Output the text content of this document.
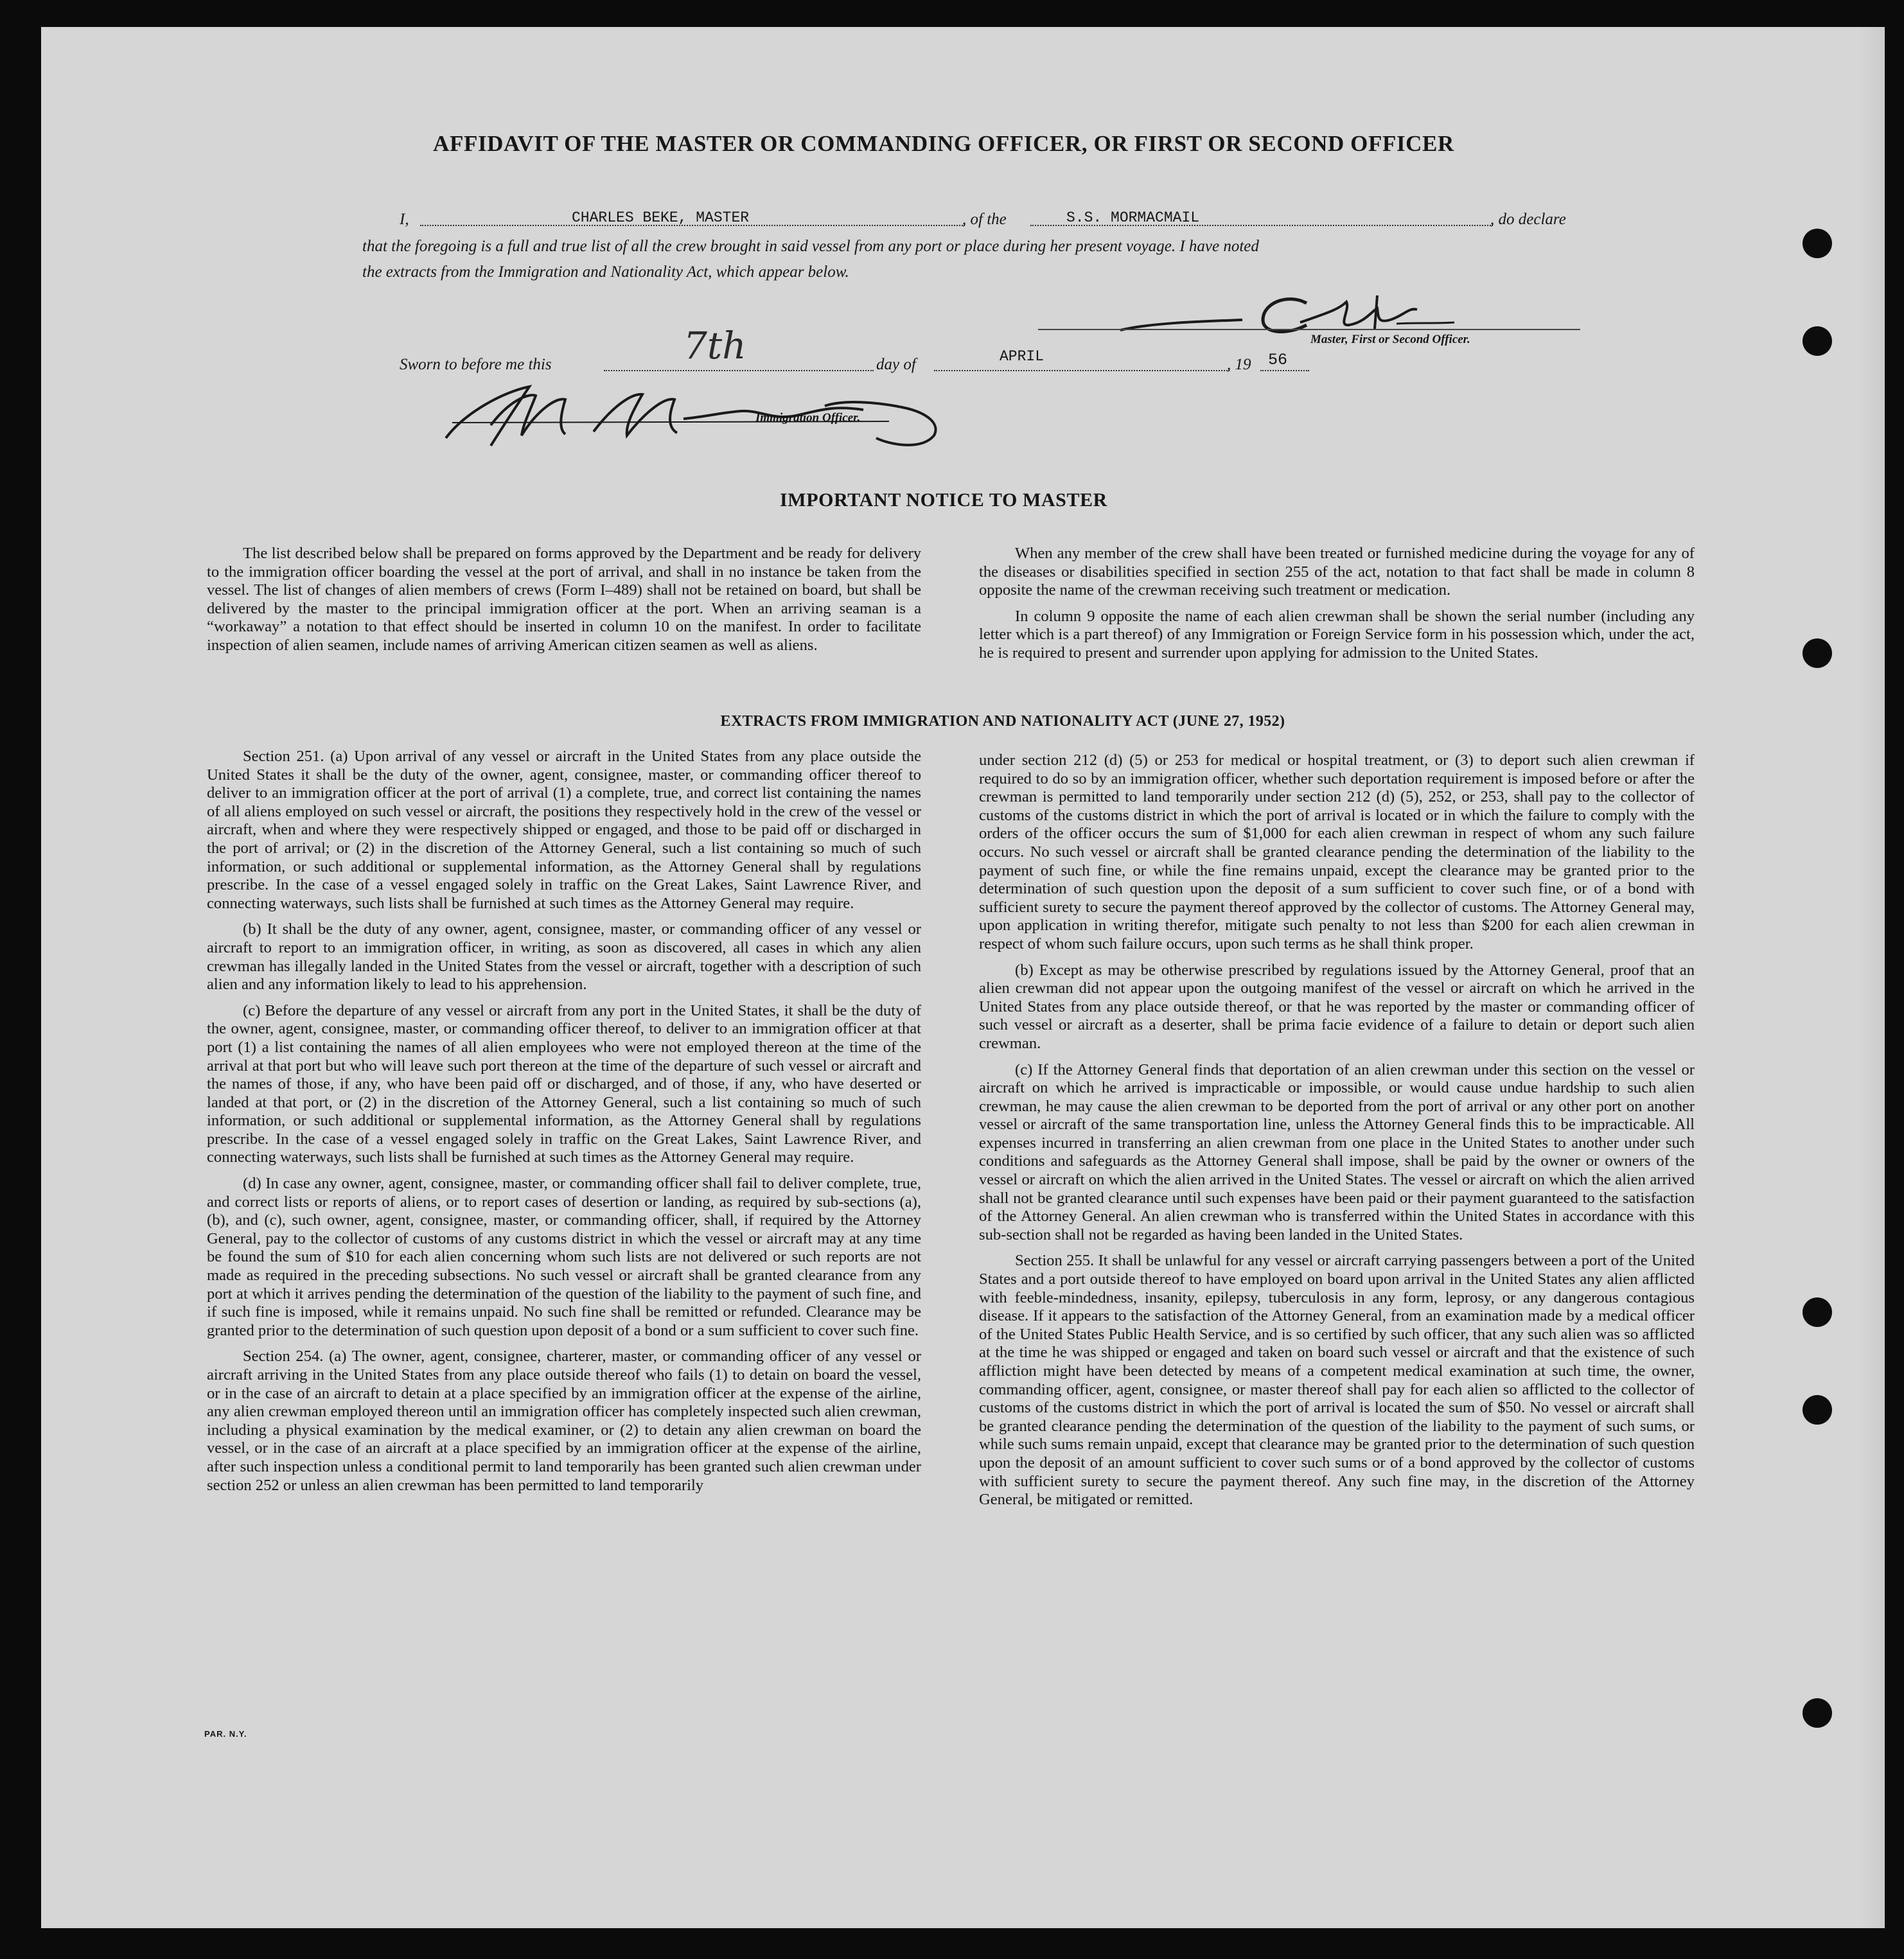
AFFIDAVIT OF THE MASTER OR COMMANDING OFFICER, OR FIRST OR SECOND OFFICER
I,	CHARLES BEKE, MASTER	, of the	S.S. MORMACMAIL	, do declare
that the foregoing is a full and true list of all the crew brought in said vessel from any port or place during her present voyage. I have noted
the extracts from the Immigration and Nationality Act, which appear below.
Master, First or Second Officer.
Sworn to before me this	7th	day of	APRIL	, 19 56
Immigration Officer.
IMPORTANT NOTICE TO MASTER

The list described below shall be prepared on forms approved by the Department and be ready for delivery to the immigration officer boarding the vessel at the port of arrival, and shall in no instance be taken from the vessel. The list of changes of alien members of crews (Form I–489) shall not be retained on board, but shall be delivered by the master to the principal immigration officer at the port. When an arriving seaman is a “workaway” a notation to that effect should be inserted in column 10 on the manifest. In order to facilitate inspection of alien seamen, include names of arriving American citizen seamen as well as aliens.

When any member of the crew shall have been treated or furnished medicine during the voyage for any of the diseases or disabilities specified in section 255 of the act, notation to that fact shall be made in column 8 opposite the name of the crewman receiving such treatment or medication.

In column 9 opposite the name of each alien crewman shall be shown the serial number (including any letter which is a part thereof) of any Immigration or Foreign Service form in his possession which, under the act, he is required to present and surrender upon applying for admission to the United States.

EXTRACTS FROM IMMIGRATION AND NATIONALITY ACT (JUNE 27, 1952)

Section 251. (a) Upon arrival of any vessel or aircraft in the United States from any place outside the United States it shall be the duty of the owner, agent, consignee, master, or commanding officer thereof to deliver to an immigration officer at the port of arrival (1) a complete, true, and correct list containing the names of all aliens employed on such vessel or aircraft, the positions they respectively hold in the crew of the vessel or aircraft, when and where they were respectively shipped or engaged, and those to be paid off or discharged in the port of arrival; or (2) in the discretion of the Attorney General, such a list containing so much of such information, or such additional or supplemental information, as the Attorney General shall by regulations prescribe. In the case of a vessel engaged solely in traffic on the Great Lakes, Saint Lawrence River, and connecting waterways, such lists shall be furnished at such times as the Attorney General may require.

(b) It shall be the duty of any owner, agent, consignee, master, or commanding officer of any vessel or aircraft to report to an immigration officer, in writing, as soon as discovered, all cases in which any alien crewman has illegally landed in the United States from the vessel or aircraft, together with a description of such alien and any information likely to lead to his apprehension.

(c) Before the departure of any vessel or aircraft from any port in the United States, it shall be the duty of the owner, agent, consignee, master, or commanding officer thereof, to deliver to an immigration officer at that port (1) a list containing the names of all alien employees who were not employed thereon at the time of the arrival at that port but who will leave such port thereon at the time of the departure of such vessel or aircraft and the names of those, if any, who have been paid off or discharged, and of those, if any, who have deserted or landed at that port, or (2) in the discretion of the Attorney General, such a list containing so much of such information, or such additional or supplemental information, as the Attorney General shall by regulations prescribe. In the case of a vessel engaged solely in traffic on the Great Lakes, Saint Lawrence River, and connecting waterways, such lists shall be furnished at such times as the Attorney General may require.

(d) In case any owner, agent, consignee, master, or commanding officer shall fail to deliver complete, true, and correct lists or reports of aliens, or to report cases of desertion or landing, as required by sub-sections (a), (b), and (c), such owner, agent, consignee, master, or commanding officer, shall, if required by the Attorney General, pay to the collector of customs of any customs district in which the vessel or aircraft may at any time be found the sum of $10 for each alien concerning whom such lists are not delivered or such reports are not made as required in the preceding subsections. No such vessel or aircraft shall be granted clearance from any port at which it arrives pending the determination of the question of the liability to the payment of such fine, and if such fine is imposed, while it remains unpaid. No such fine shall be remitted or refunded. Clearance may be granted prior to the determination of such question upon deposit of a bond or a sum sufficient to cover such fine.

Section 254. (a) The owner, agent, consignee, charterer, master, or commanding officer of any vessel or aircraft arriving in the United States from any place outside thereof who fails (1) to detain on board the vessel, or in the case of an aircraft to detain at a place specified by an immigration officer at the expense of the airline, any alien crewman employed thereon until an immigration officer has completely inspected such alien crewman, including a physical examination by the medical examiner, or (2) to detain any alien crewman on board the vessel, or in the case of an aircraft at a place specified by an immigration officer at the expense of the airline, after such inspection unless a conditional permit to land temporarily has been granted such alien crewman under section 252 or unless an alien crewman has been permitted to land temporarily

under section 212 (d) (5) or 253 for medical or hospital treatment, or (3) to deport such alien crewman if required to do so by an immigration officer, whether such deportation requirement is imposed before or after the crewman is permitted to land temporarily under section 212 (d) (5), 252, or 253, shall pay to the collector of customs of the customs district in which the port of arrival is located or in which the failure to comply with the orders of the officer occurs the sum of $1,000 for each alien crewman in respect of whom any such failure occurs. No such vessel or aircraft shall be granted clearance pending the determination of the liability to the payment of such fine, or while the fine remains unpaid, except the clearance may be granted prior to the determination of such question upon the deposit of a sum sufficient to cover such fine, or of a bond with sufficient surety to secure the payment thereof approved by the collector of customs. The Attorney General may, upon application in writing therefor, mitigate such penalty to not less than $200 for each alien crewman in respect of whom such failure occurs, upon such terms as he shall think proper.

(b) Except as may be otherwise prescribed by regulations issued by the Attorney General, proof that an alien crewman did not appear upon the outgoing manifest of the vessel or aircraft on which he arrived in the United States from any place outside thereof, or that he was reported by the master or commanding officer of such vessel or aircraft as a deserter, shall be prima facie evidence of a failure to detain or deport such alien crewman.

(c) If the Attorney General finds that deportation of an alien crewman under this section on the vessel or aircraft on which he arrived is impracticable or impossible, or would cause undue hardship to such alien crewman, he may cause the alien crewman to be deported from the port of arrival or any other port on another vessel or aircraft of the same transportation line, unless the Attorney General finds this to be impracticable. All expenses incurred in transferring an alien crewman from one place in the United States to another under such conditions and safeguards as the Attorney General shall impose, shall be paid by the owner or owners of the vessel or aircraft on which the alien arrived in the United States. The vessel or aircraft on which the alien arrived shall not be granted clearance until such expenses have been paid or their payment guaranteed to the satisfaction of the Attorney General. An alien crewman who is transferred within the United States in accordance with this sub-section shall not be regarded as having been landed in the United States.

Section 255. It shall be unlawful for any vessel or aircraft carrying passengers between a port of the United States and a port outside thereof to have employed on board upon arrival in the United States any alien afflicted with feeble-mindedness, insanity, epilepsy, tuberculosis in any form, leprosy, or any dangerous contagious disease. If it appears to the satisfaction of the Attorney General, from an examination made by a medical officer of the United States Public Health Service, and is so certified by such officer, that any such alien was so afflicted at the time he was shipped or engaged and taken on board such vessel or aircraft and that the existence of such affliction might have been detected by means of a competent medical examination at such time, the owner, commanding officer, agent, consignee, or master thereof shall pay for each alien so afflicted to the collector of customs of the customs district in which the port of arrival is located the sum of $50. No vessel or aircraft shall be granted clearance pending the determination of the question of the liability to the payment of such sums, or while such sums remain unpaid, except that clearance may be granted prior to the determination of such question upon the deposit of an amount sufficient to cover such sums or of a bond approved by the collector of customs with sufficient surety to secure the payment thereof. Any such fine may, in the discretion of the Attorney General, be mitigated or remitted.

PAR. N.Y.
